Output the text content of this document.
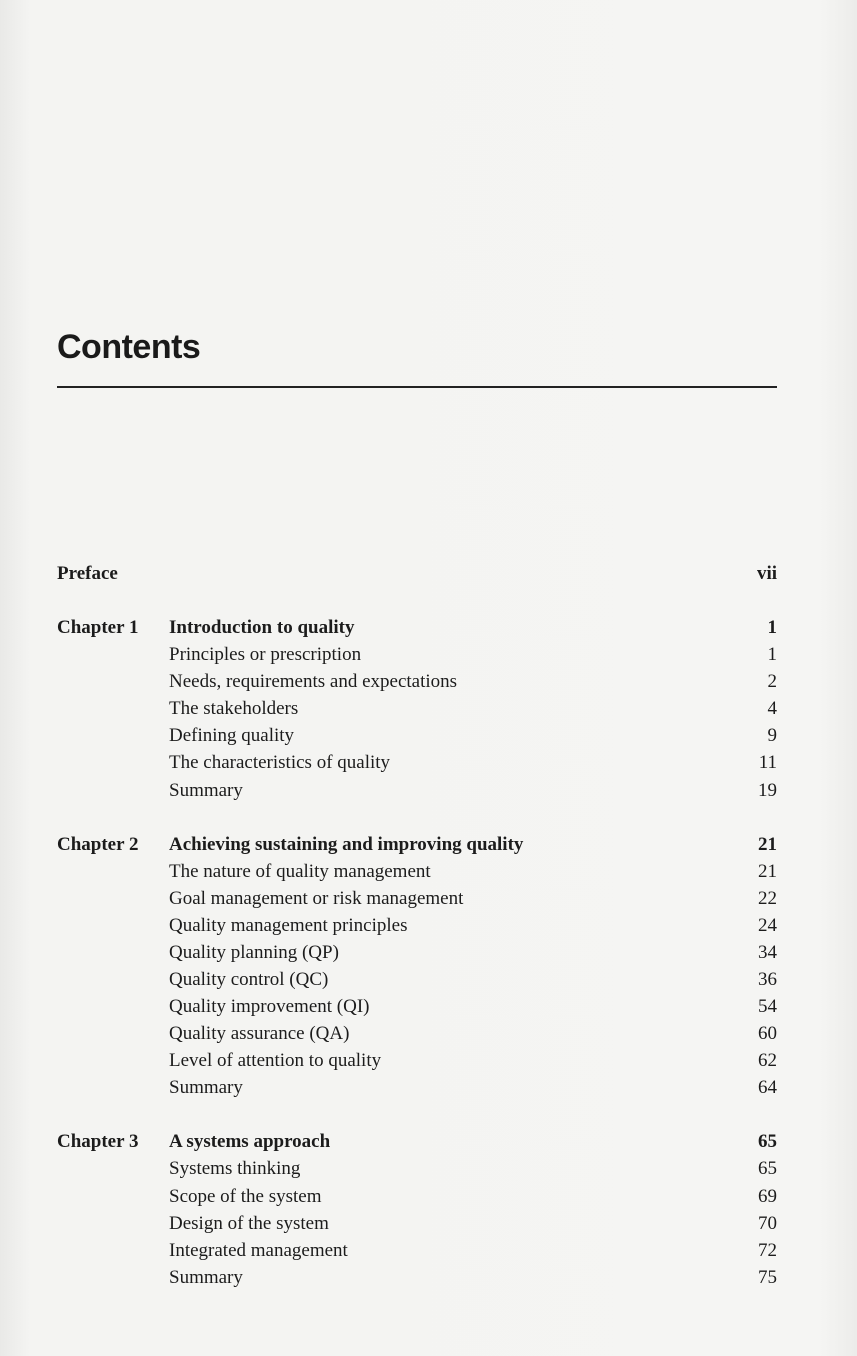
Contents
Preface	vii
Chapter 1 Introduction to quality	1
Principles or prescription	1
Needs, requirements and expectations	2
The stakeholders	4
Defining quality	9
The characteristics of quality	11
Summary	19
Chapter 2 Achieving sustaining and improving quality	21
The nature of quality management	21
Goal management or risk management	22
Quality management principles	24
Quality planning (QP)	34
Quality control (QC)	36
Quality improvement (QI)	54
Quality assurance (QA)	60
Level of attention to quality	62
Summary	64
Chapter 3 A systems approach	65
Systems thinking	65
Scope of the system	69
Design of the system	70
Integrated management	72
Summary	75
